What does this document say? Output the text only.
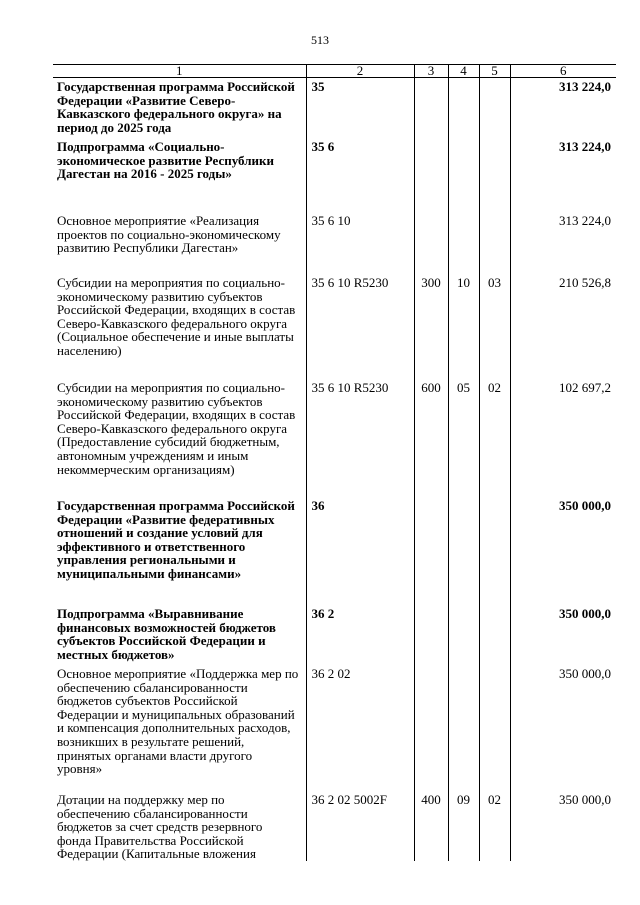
513
1	2	3	4	5	6
Государственная программа Российской Федерации «Развитие Северо-Кавказского федерального округа» на период до 2025 года	35				313 224,0
Подпрограмма «Социально-экономическое развитие Республики Дагестан на 2016 - 2025 годы»	35 6				313 224,0
Основное мероприятие «Реализация проектов по социально-экономическому развитию Республики Дагестан»	35 6 10				313 224,0
Субсидии на мероприятия по социально-экономическому развитию субъектов Российской Федерации, входящих в состав Северо-Кавказского федерального округа (Социальное обеспечение и иные выплаты населению)	35 6 10 R5230	300	10	03	210 526,8
Субсидии на мероприятия по социально-экономическому развитию субъектов Российской Федерации, входящих в состав Северо-Кавказского федерального округа (Предоставление субсидий бюджетным, автономным учреждениям и иным некоммерческим организациям)	35 6 10 R5230	600	05	02	102 697,2
Государственная программа Российской Федерации «Развитие федеративных отношений и создание условий для эффективного и ответственного управления региональными и муниципальными финансами»	36				350 000,0
Подпрограмма «Выравнивание финансовых возможностей бюджетов субъектов Российской Федерации и местных бюджетов»	36 2				350 000,0
Основное мероприятие «Поддержка мер по обеспечению сбалансированности бюджетов субъектов Российской Федерации и муниципальных образований и компенсация дополнительных расходов, возникших в результате решений, принятых органами власти другого уровня»	36 2 02				350 000,0
Дотации на поддержку мер по обеспечению сбалансированности бюджетов за счет средств резервного фонда Правительства Российской Федерации (Капитальные вложения	36 2 02 5002F	400	09	02	350 000,0
